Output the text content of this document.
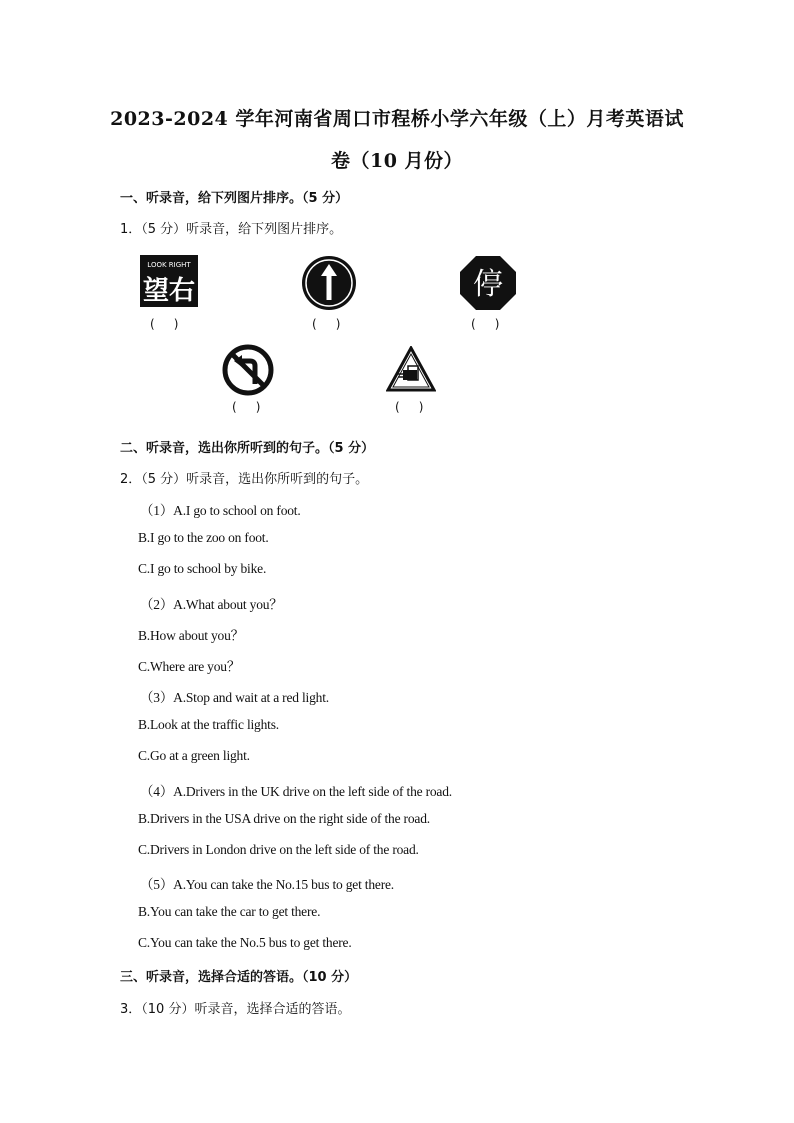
2023-2024 学年河南省周口市程桥小学六年级（上）月考英语试
卷（10 月份）
一、听录音，给下列图片排序。（5 分）
1．（5 分）听录音，给下列图片排序。
LOOK RIGHT
望右
(     )	(     )
停
(     )
(     )	(     )
二、听录音，选出你所听到的句子。（5 分）
2．（5 分）听录音，选出你所听到的句子。
（1）A.I go to school on foot.
B.I go to the zoo on foot.
C.I go to school by bike.
（2）A.What about you？
B.How about you？
C.Where are you？
（3）A.Stop and wait at a red light.
B.Look at the traffic lights.
C.Go at a green light.
（4）A.Drivers in the UK drive on the left side of the road.
B.Drivers in the USA drive on the right side of the road.
C.Drivers in London drive on the left side of the road.
（5）A.You can take the No.15 bus to get there.
B.You can take the car to get there.
C.You can take the No.5 bus to get there.
三、听录音，选择合适的答语。（10 分）
3．（10 分）听录音，选择合适的答语。
